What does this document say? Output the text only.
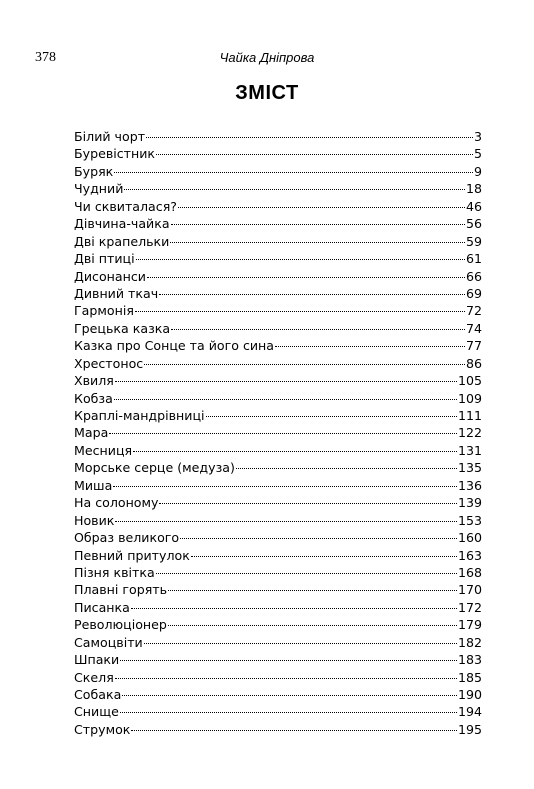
378	Чайка Дніпрова
ЗМІСТ
Білий чорт	3
Буревістник	5
Буряк	9
Чудний	18
Чи сквиталася?	46
Дівчина-чайка	56
Дві крапельки	59
Дві птиці	61
Дисонанси	66
Дивний ткач	69
Гармонія	72
Грецька казка	74
Казка про Сонце та його сина	77
Хрестонос	86
Хвиля	105
Кобза	109
Краплі-мандрівниці	111
Мара	122
Месниця	131
Морське серце (медуза)	135
Миша	136
На солоному	139
Новик	153
Образ великого	160
Певний притулок	163
Пізня квітка	168
Плавні горять	170
Писанка	172
Революціонер	179
Самоцвіти	182
Шпаки	183
Скеля	185
Собака	190
Снище	194
Струмок	195
